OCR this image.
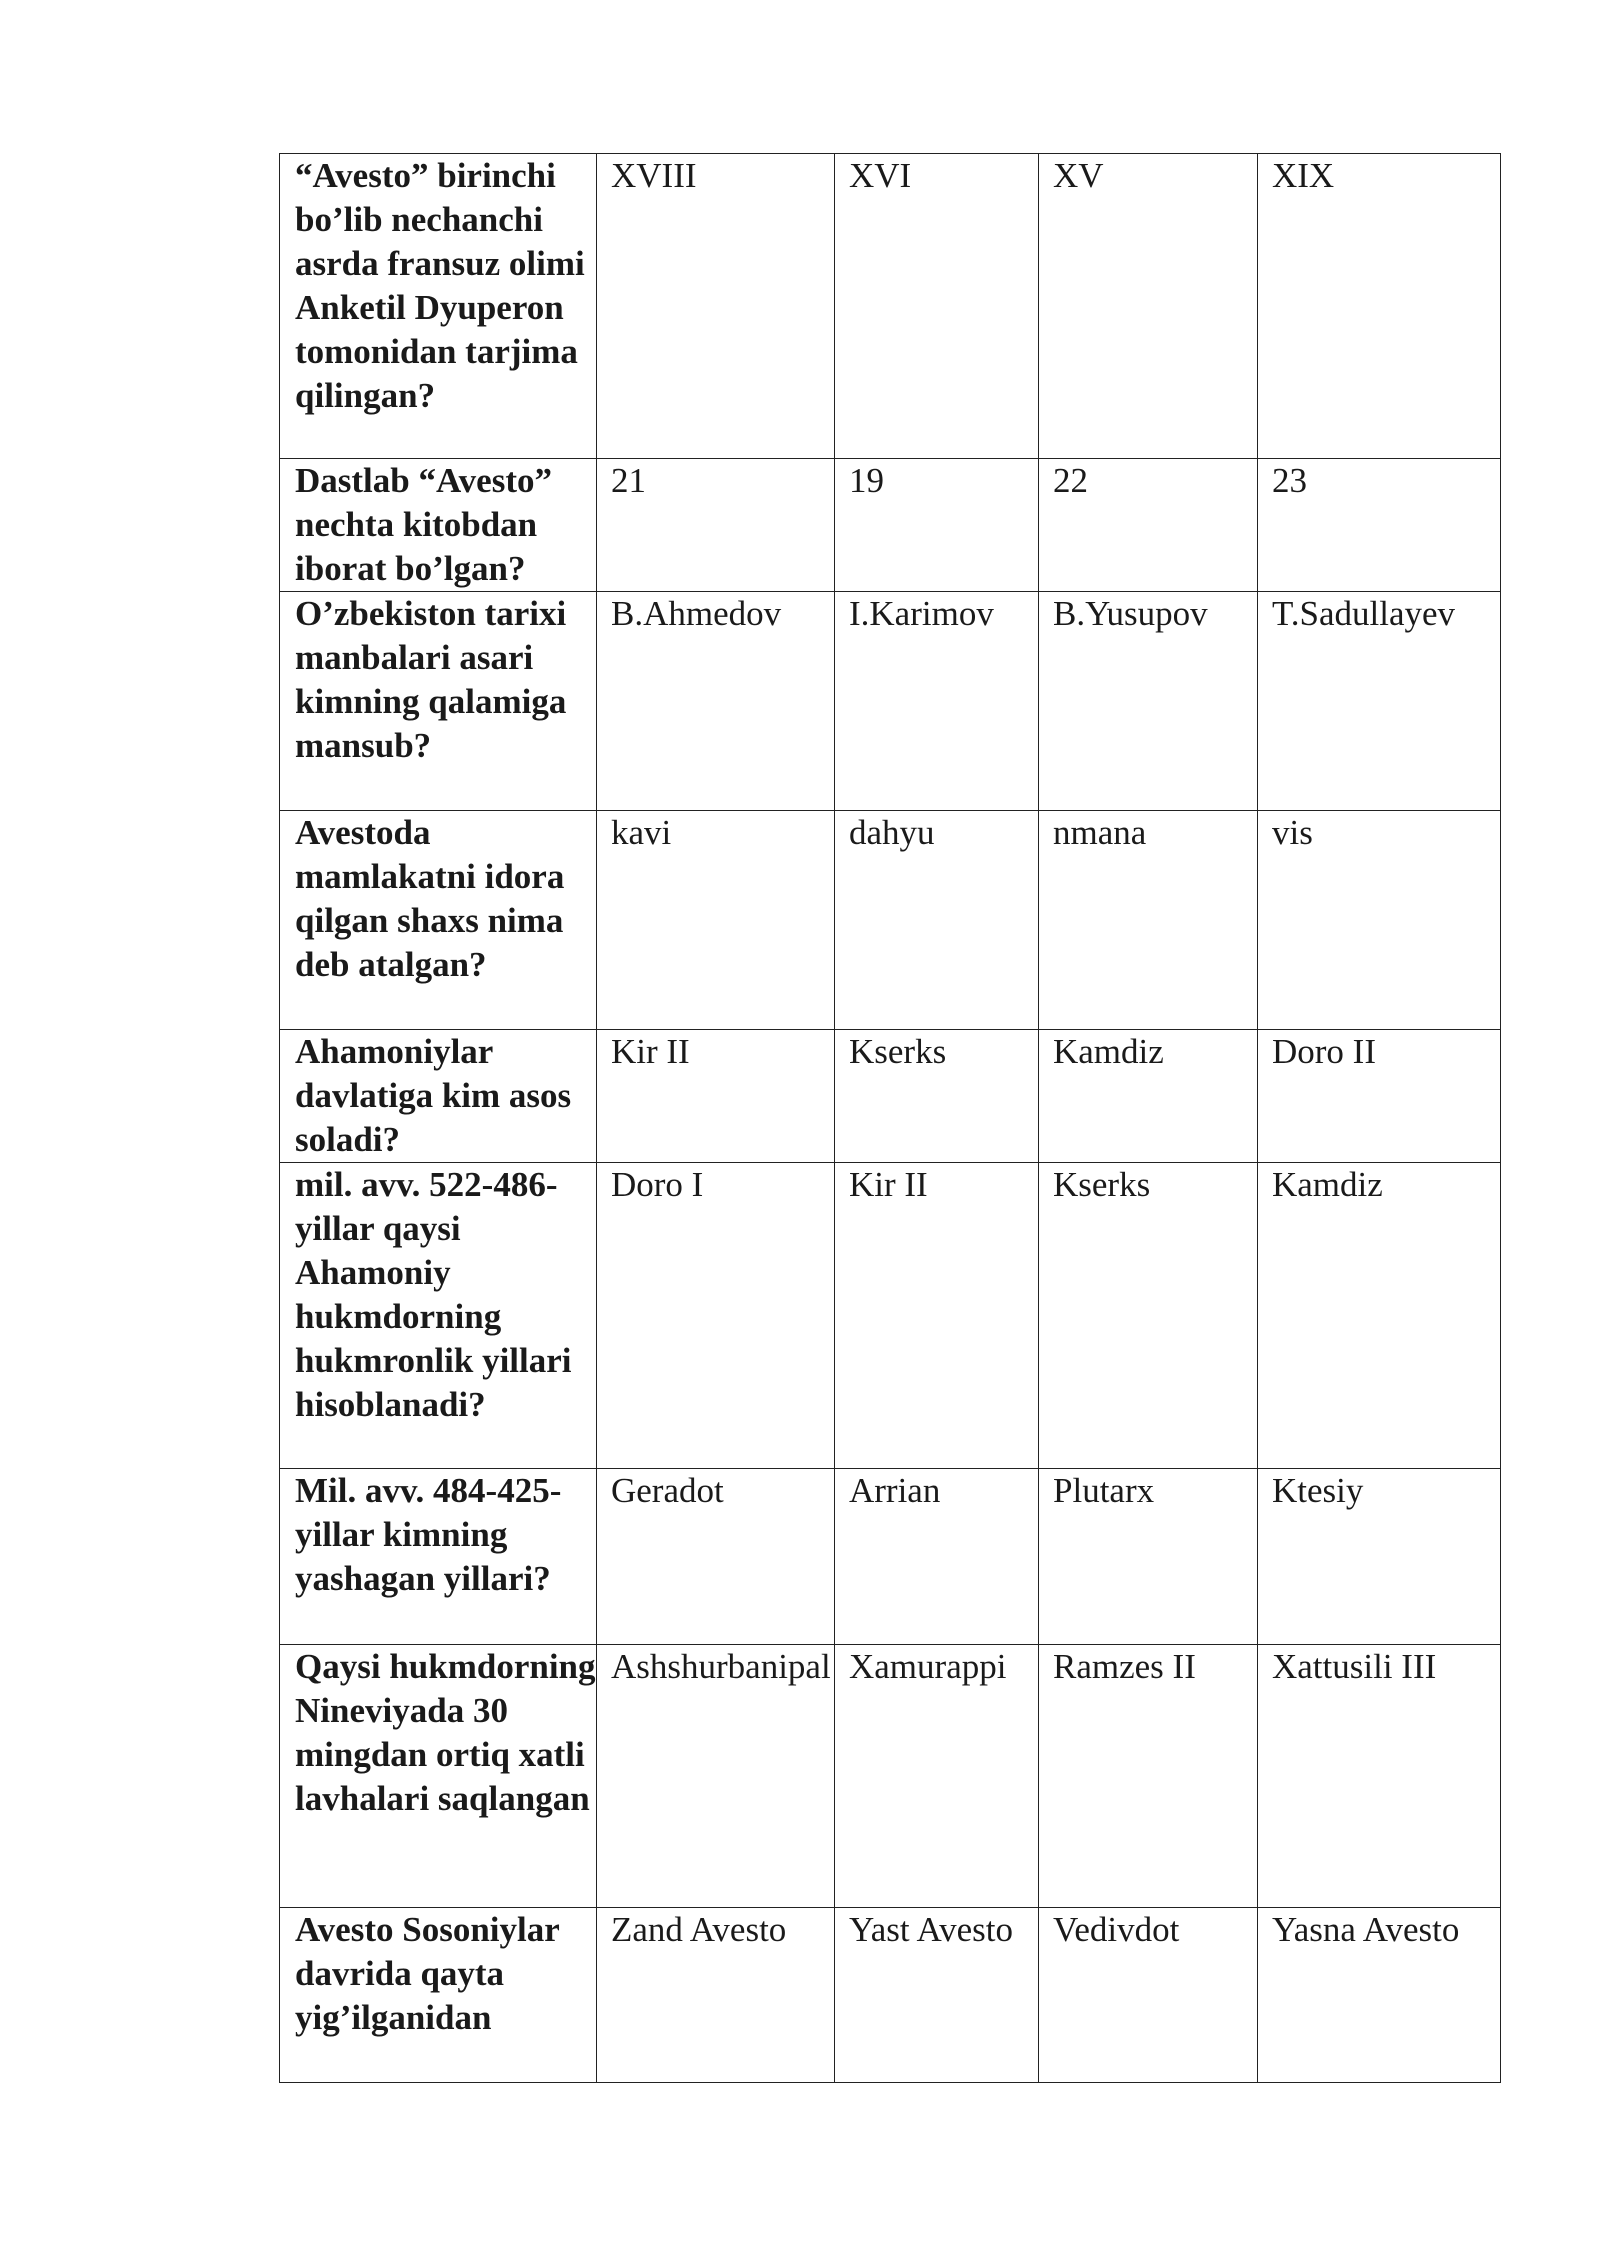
“Avesto” birinchi bo’lib nechanchi asrda fransuz olimi Anketil Dyuperon tomonidan tarjima qilingan?	XVIII	XVI	XV	XIX
Dastlab “Avesto” nechta kitobdan iborat bo’lgan?	21	19	22	23
O’zbekiston tarixi manbalari asari kimning qalamiga mansub?	B.Ahmedov	I.Karimov	B.Yusupov	T.Sadullayev
Avestoda mamlakatni idora qilgan shaxs nima deb atalgan?	kavi	dahyu	nmana	vis
Ahamoniylar davlatiga kim asos soladi?	Kir II	Kserks	Kamdiz	Doro II
mil. avv. 522-486-yillar qaysi Ahamoniy hukmdorning hukmronlik yillari hisoblanadi?	Doro I	Kir II	Kserks	Kamdiz
Mil. avv. 484-425-yillar kimning yashagan yillari?	Geradot	Arrian	Plutarx	Ktesiy
Qaysi hukmdorning Nineviyada 30 mingdan ortiq xatli lavhalari saqlangan	Ashshurbanipal	Xamurappi	Ramzes II	Xattusili III
Avesto Sosoniylar davrida qayta yig’ilganidan	Zand Avesto	Yast Avesto	Vedivdot	Yasna Avesto
